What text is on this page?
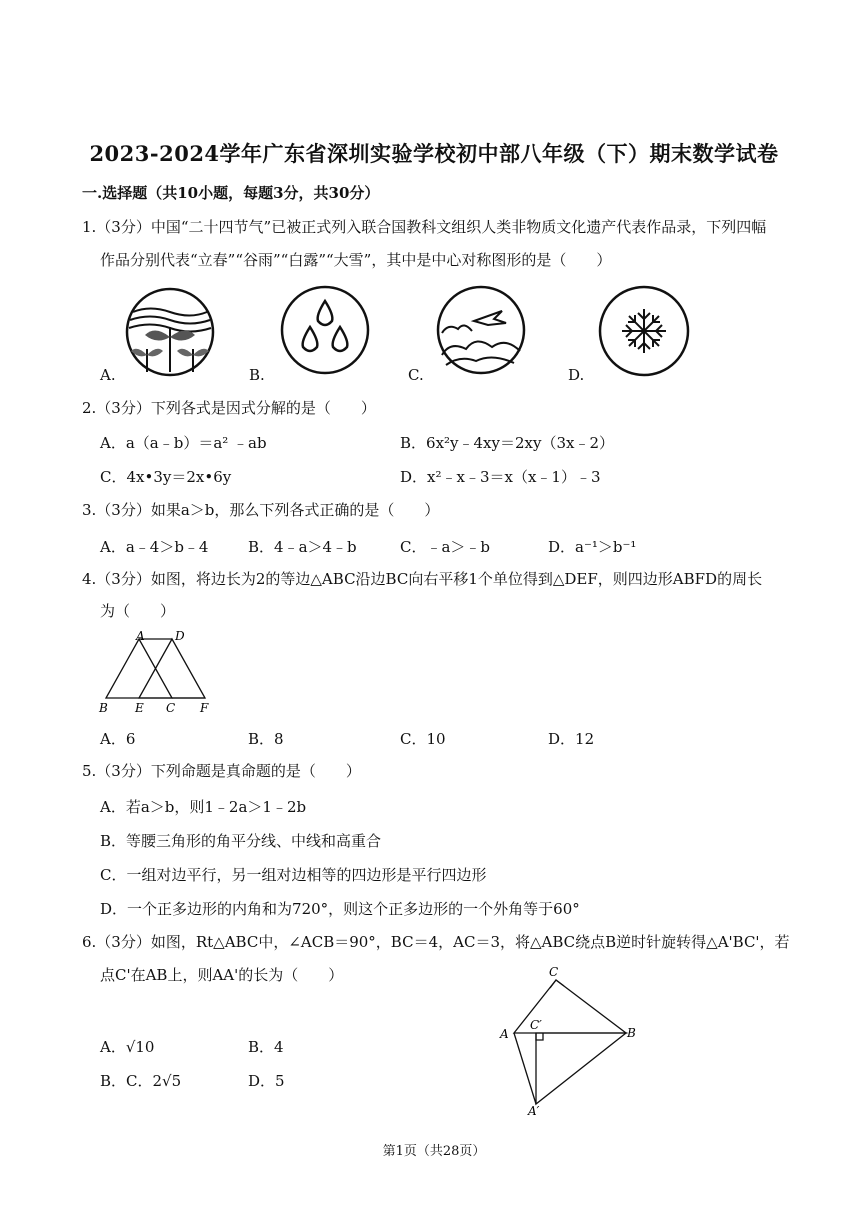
2023-2024学年广东省深圳实验学校初中部八年级（下）期末数学试卷
一.选择题（共10小题，每题3分，共30分）
1.（3分）中国“二十四节气”已被正式列入联合国教科文组织人类非物质文化遗产代表作品录，下列四幅
作品分别代表“立春”“谷雨”“白露”“大雪”，其中是中心对称图形的是（　　）
A.	B.	C.	D.
2.（3分）下列各式是因式分解的是（　　）
A．a（a﹣b）＝a² ﹣ab	B．6x²y﹣4xy＝2xy（3x﹣2）
C．4x•3y＝2x•6y	D．x²﹣x﹣3＝x（x﹣1）﹣3
3.（3分）如果a＞b，那么下列各式正确的是（　　）
A．a﹣4＞b﹣4	B．4﹣a＞4﹣b	C．﹣a＞﹣b	D．a⁻¹＞b⁻¹
4.（3分）如图，将边长为2的等边△ABC沿边BC向右平移1个单位得到△DEF，则四边形ABFD的周长
为（　　）
A	D
B E C F
A．6	B．8	C．10	D．12
5.（3分）下列命题是真命题的是（　　）
A．若a＞b，则1﹣2a＞1﹣2b
B．等腰三角形的角平分线、中线和高重合
C．一组对边平行，另一组对边相等的四边形是平行四边形
D．一个正多边形的内角和为720°，则这个正多边形的一个外角等于60°
6.（3分）如图，Rt△ABC中，∠ACB＝90°，BC＝4，AC＝3，将△ABC绕点B逆时针旋转得△A'BC'，若
点C'在AB上，则AA'的长为（　　）	C
A
C′
B
A′
A．√10	B．4
B．C．2√5	D．5
第1页（共28页）
